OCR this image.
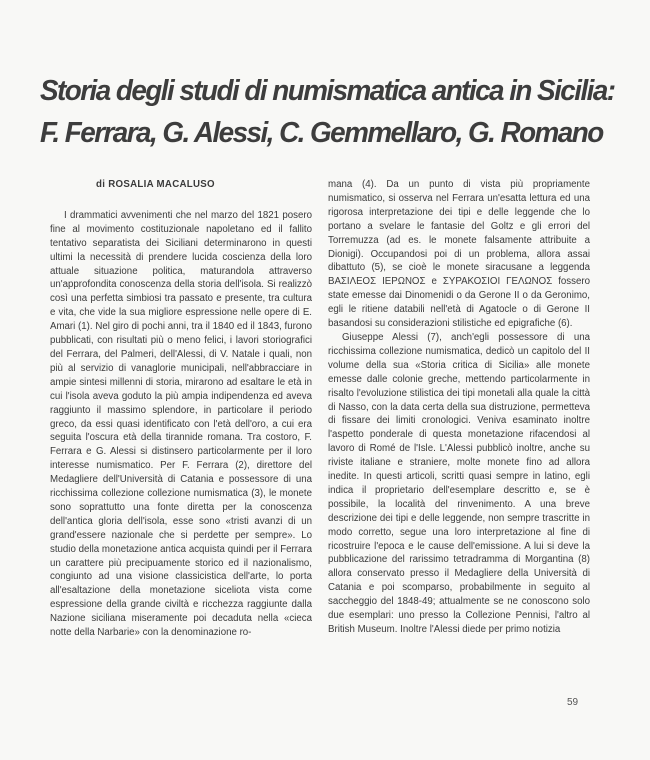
Storia degli studi di numismatica antica in Sicilia:
F. Ferrara, G. Alessi, C. Gemmellaro, G. Romano
di ROSALIA MACALUSO

I drammatici avvenimenti che nel marzo del 1821 posero fine al movimento costituzionale napoletano ed il fallito tentativo separatista dei Siciliani determinarono in questi ultimi la necessità di prendere lucida coscienza della loro attuale situazione politica, maturandola attraverso un'approfondita conoscenza della storia dell'isola. Si realizzò così una perfetta simbiosi tra passato e presente, tra cultura e vita, che vide la sua migliore espressione nelle opere di E. Amari (1). Nel giro di pochi anni, tra il 1840 ed il 1843, furono pubblicati, con risultati più o meno felici, i lavori storiografici del Ferrara, del Palmeri, dell'Alessi, di V. Natale i quali, non più al servizio di vanagloriе municipali, nell'abbracciare in ampie sintesi millenni di storia, mirarono ad esaltare le età in cui l'isola aveva goduto la più ampia indipendenza ed aveva raggiunto il massimo splendore, in particolare il periodo greco, da essi quasi identificato con l'età dell'oro, a cui era seguita l'oscura età della tirannide romana. Tra costoro, F. Ferrara e G. Alessi si distinsero particolarmente per il loro interesse numismatico. Per F. Ferrara (2), direttore del Medagliere dell'Università di Catania e possessore di una ricchissima collezione collezione numismatica (3), le monete sono soprattutto una fonte diretta per la conoscenza dell'antica gloria dell'isola, esse sono «tristi avanzi di un grand'essere nazionale che si perdette per sempre». Lo studio della monetazione antica acquista quindi per il Ferrara un carattere più precipuamente storico ed il nazionalismo, congiunto ad una visione classicistica dell'arte, lo porta all'esaltazione della monetazione siceliota vista come espressione della grande civiltà e ricchezza raggiunte dalla Nazione siciliana miseramente poi decaduta nella «cieca notte della Narbarie» con la denominazione ro-

mana (4). Da un punto di vista più propriamente numismatico, si osserva nel Ferrara un'esatta lettura ed una rigorosa interpretazione dei tipi e delle leggende che lo portano a svelare le fantasie del Goltz e gli errori del Torremuzza (ad es. le monete falsamente attribuite a Dionigi). Occupandosi poi di un problema, allora assai dibattuto (5), se cioè le monete siracusane a leggenda ΒΑΣΙΛΕΟΣ ΙΕΡΩΝΟΣ e ΣΥΡΑΚΟΣΙΟΙ ΓΕΛΩΝΟΣ fossero state emesse dai Dinomenidi o da Gerone II o da Geronimo, egli le ritiene databili nell'età di Agatocle o di Gerone II basandosi su considerazioni stilistiche ed epigrafiche (6).

Giuseppe Alessi (7), anch'egli possessore di una ricchissima collezione numismatica, dedicò un capitolo del II volume della sua «Storia critica di Sicilia» alle monete emesse dalle colonie greche, mettendo particolarmente in risalto l'evoluzione stilistica dei tipi monetali alla quale la città di Nasso, con la data certa della sua distruzione, permetteva di fissare dei limiti cronologici. Veniva esaminato inoltre l'aspetto ponderale di questa monetazione rifacendosi al lavoro di Romé de l'Isle. L'Alessi pubblicò inoltre, anche su riviste italiane e straniere, molte monete fino ad allora inedite. In questi articoli, scritti quasi sempre in latino, egli indica il proprietario dell'esemplare descritto e, se è possibile, la località del rinvenimento. A una breve descrizione dei tipi e delle leggende, non sempre trascritte in modo corretto, segue una loro interpretazione al fine di ricostruire l'epoca e le cause dell'emissione. A lui si deve la pubblicazione del rarissimo tetradramma di Morgantina (8) allora conservato presso il Medagliere della Università di Catania e poi scomparso, probabilmente in seguito al saccheggio del 1848-49; attualmente se ne conoscono solo due esemplari: uno presso la Collezione Pennisi, l'altro al British Museum. Inoltre l'Alessi diede per primo notizia

59
